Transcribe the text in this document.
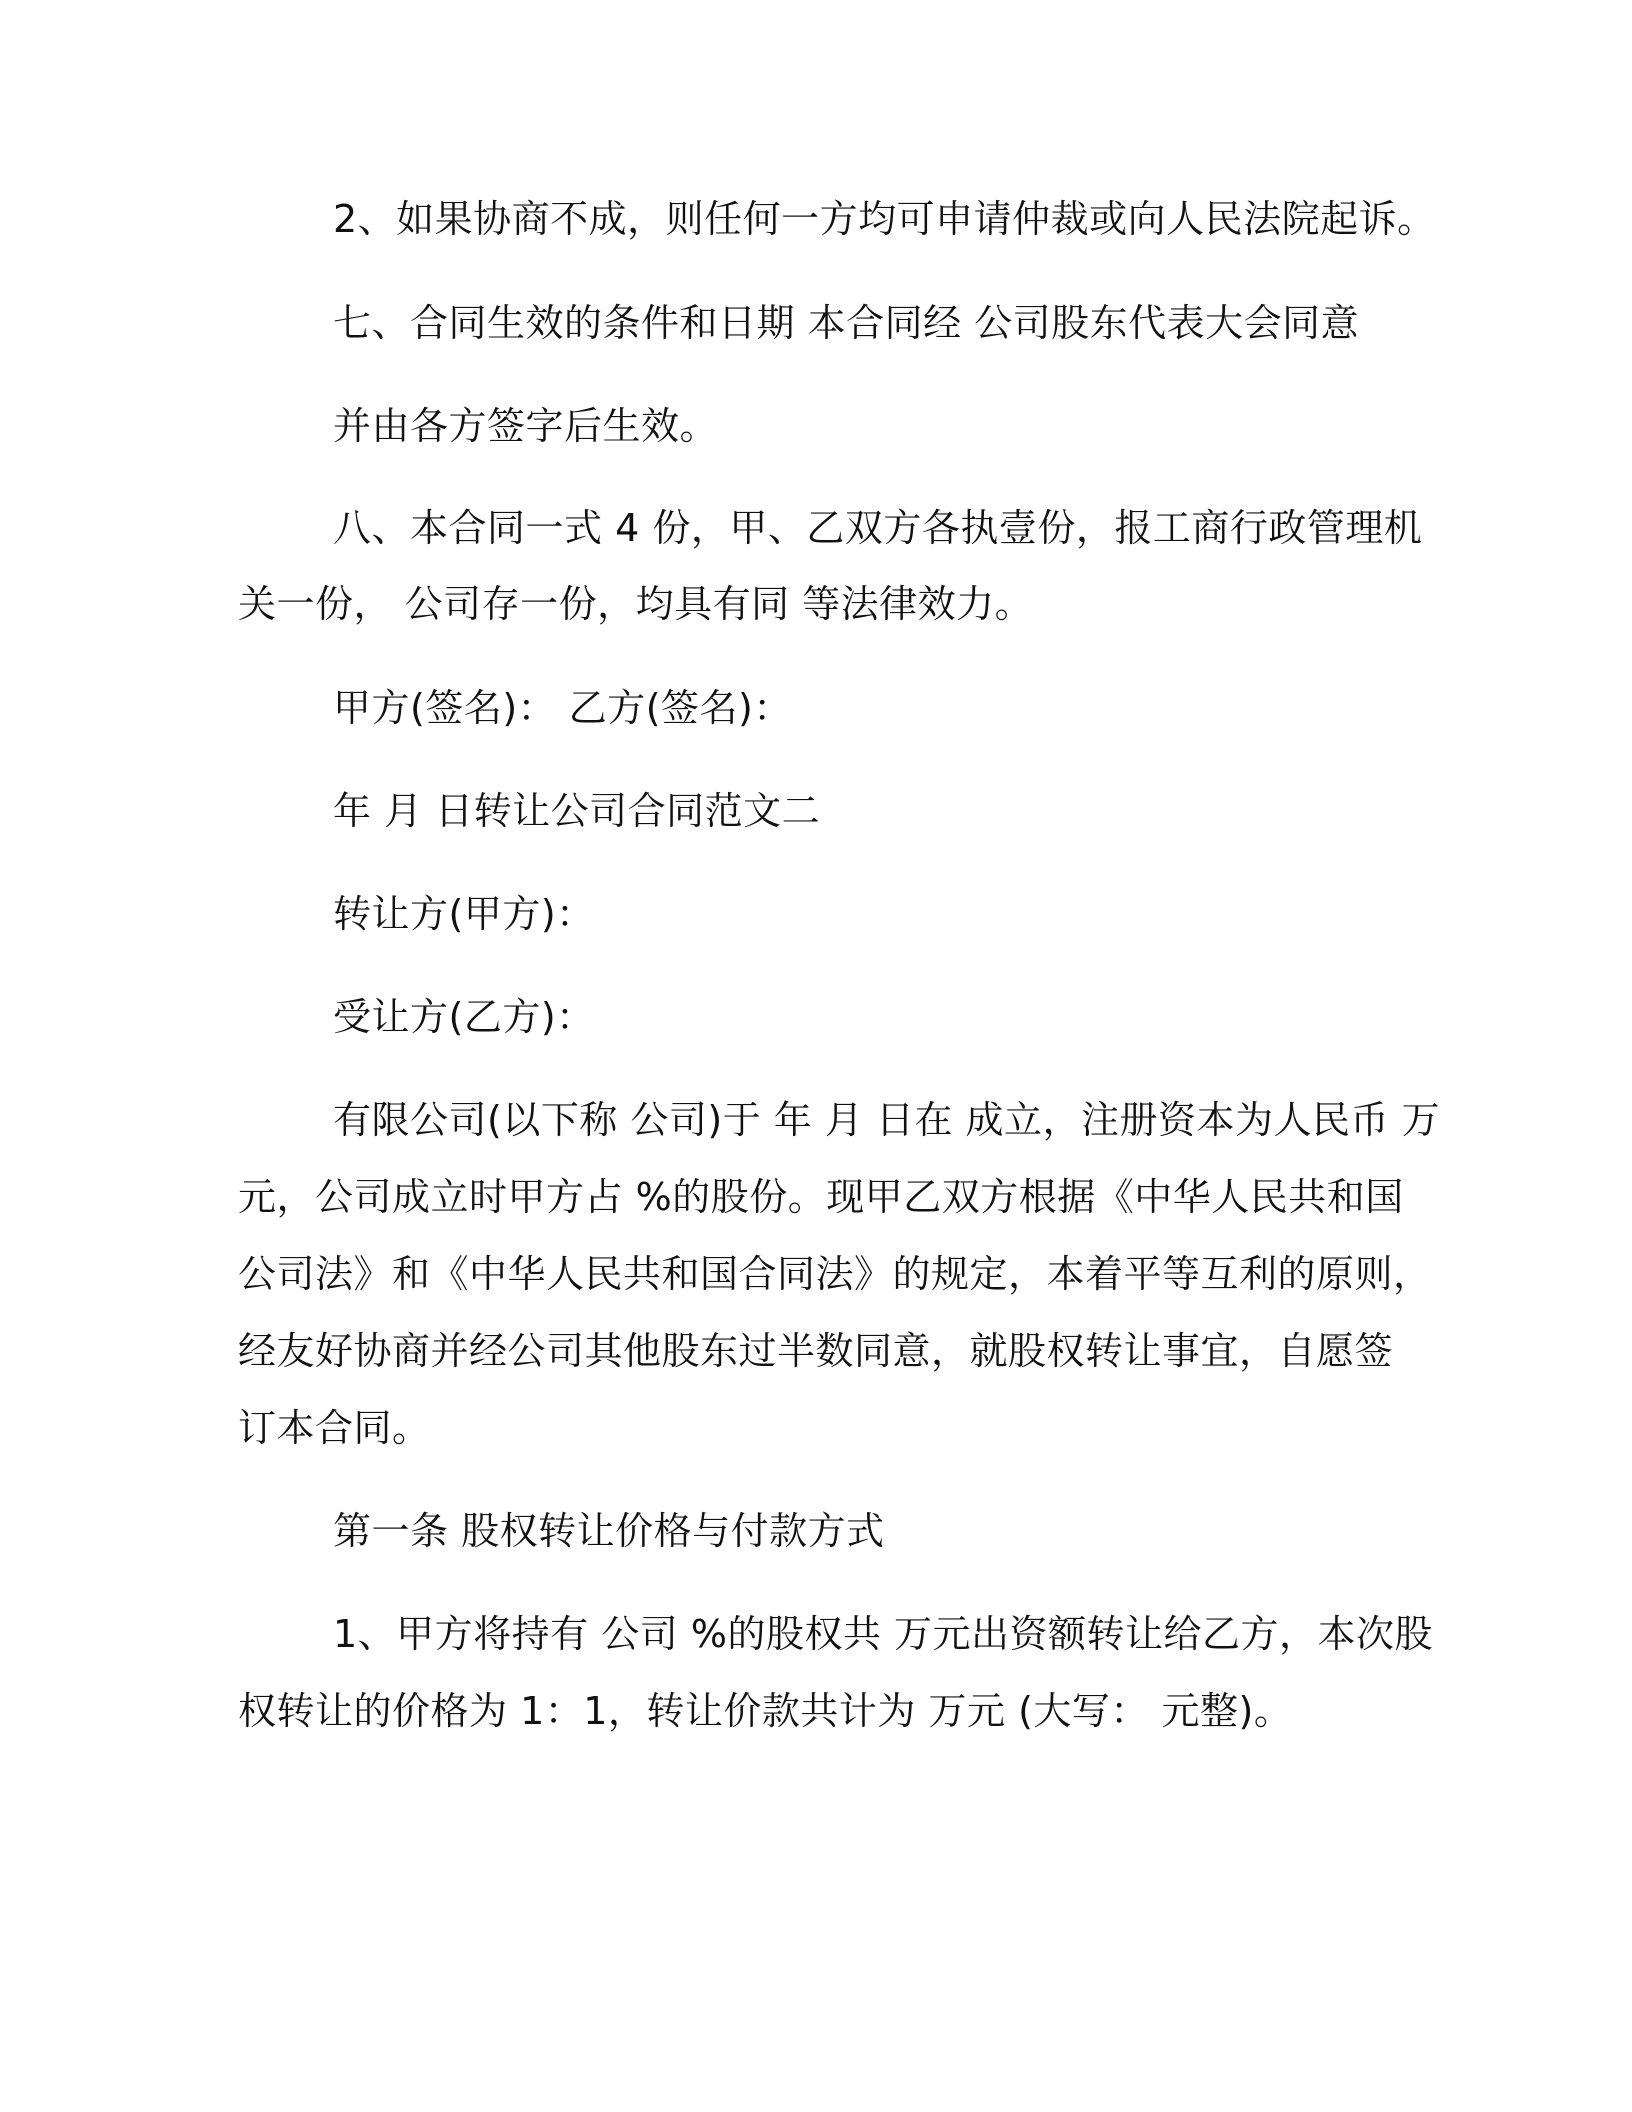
2、如果协商不成，则任何一方均可申请仲裁或向人民法院起诉。
七、合同生效的条件和日期 本合同经 公司股东代表大会同意
并由各方签字后生效。
八、本合同一式 4 份，甲、乙双方各执壹份，报工商行政管理机
关一份， 公司存一份，均具有同 等法律效力。
甲方(签名)： 乙方(签名)：
年 月 日转让公司合同范文二
转让方(甲方)：
受让方(乙方)：
有限公司(以下称 公司)于 年 月 日在 成立，注册资本为人民币 万
元，公司成立时甲方占 %的股份。现甲乙双方根据《中华人民共和国
公司法》和《中华人民共和国合同法》的规定，本着平等互利的原则，
经友好协商并经公司其他股东过半数同意，就股权转让事宜，自愿签
订本合同。
第一条 股权转让价格与付款方式
1、甲方将持有 公司 %的股权共 万元出资额转让给乙方，本次股
权转让的价格为 1：1，转让价款共计为 万元 (大写： 元整)。
